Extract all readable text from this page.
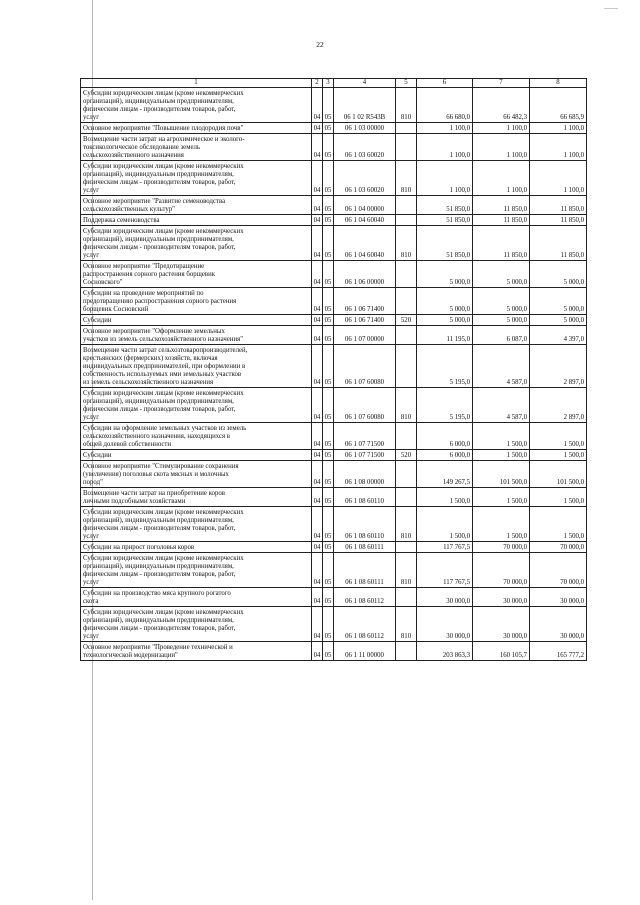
22
1	2	3	4	5	6	7	8
Субсидии юридическим лицам (кроме некоммерческих
организаций), индивидуальным предпринимателям,
физическим лицам - производителям товаров, работ,
услуг	04	05	06 1 02 R543B	810	66 680,0	66 482,3	66 685,9
Основное мероприятие "Повышение плодородия почв"	04	05	06 1 03 00000		1 100,0	1 100,0	1 100,0
Возмещение части затрат на агрохимическое и эколого-
токсикологическое обследование земель
сельскохозяйственного назначения	04	05	06 1 03 60020		1 100,0	1 100,0	1 100,0
Субсидии юридическим лицам (кроме некоммерческих
организаций), индивидуальным предпринимателям,
физическим лицам - производителям товаров, работ,
услуг	04	05	06 1 03 60020	810	1 100,0	1 100,0	1 100,0
Основное мероприятие "Развитие семеноводства
сельскохозяйственных культур"	04	05	06 1 04 00000		51 850,0	11 850,0	11 850,0
Поддержка семеноводства	04	05	06 1 04 60040		51 850,0	11 850,0	11 850,0
Субсидии юридическим лицам (кроме некоммерческих
организаций), индивидуальным предпринимателям,
физическим лицам - производителям товаров, работ,
услуг	04	05	06 1 04 60040	810	51 850,0	11 850,0	11 850,0
Основное мероприятие "Предотвращение
распространения сорного растения борщевик
Сосновского"	04	05	06 1 06 00000		5 000,0	5 000,0	5 000,0
Субсидии на проведение мероприятий по
предотвращению распространения сорного растения
борщевик Сосновский	04	05	06 1 06 71400		5 000,0	5 000,0	5 000,0
Субсидии	04	05	06 1 06 71400	520	5 000,0	5 000,0	5 000,0
Основное мероприятие "Оформление земельных
участков из земель сельскохозяйственного назначения"	04	05	06 1 07 00000		11 195,0	6 087,0	4 397,0
Возмещение части затрат сельхозтоваропроизводителей,
крестьянских (фермерских) хозяйств, включая
индивидуальных предпринимателей, при оформлении в
собственность используемых ими земельных участков
из земель сельскохозяйственного назначения	04	05	06 1 07 60080		5 195,0	4 587,0	2 897,0
Субсидии юридическим лицам (кроме некоммерческих
организаций), индивидуальным предпринимателям,
физическим лицам - производителям товаров, работ,
услуг	04	05	06 1 07 60080	810	5 195,0	4 587,0	2 897,0
Субсидии на оформление земельных участков из земель
сельскохозяйственного назначения, находящихся в
общей долевой собственности	04	05	06 1 07 71500		6 000,0	1 500,0	1 500,0
Субсидии	04	05	06 1 07 71500	520	6 000,0	1 500,0	1 500,0
Основное мероприятие "Стимулирование сохранения
(увеличения) поголовья скота мясных и молочных
пород"	04	05	06 1 08 00000		149 267,5	101 500,0	101 500,0
Возмещение части затрат на приобретение коров
личными подсобными хозяйствами	04	05	06 1 08 60110		1 500,0	1 500,0	1 500,0
Субсидии юридическим лицам (кроме некоммерческих
организаций), индивидуальным предпринимателям,
физическим лицам - производителям товаров, работ,
услуг	04	05	06 1 08 60110	810	1 500,0	1 500,0	1 500,0
Субсидии на прирост поголовья коров	04	05	06 1 08 60111		117 767,5	70 000,0	70 000,0
Субсидии юридическим лицам (кроме некоммерческих
организаций), индивидуальным предпринимателям,
физическим лицам - производителям товаров, работ,
услуг	04	05	06 1 08 60111	810	117 767,5	70 000,0	70 000,0
Субсидии на производство мяса крупного рогатого
скота	04	05	06 1 08 60112		30 000,0	30 000,0	30 000,0
Субсидии юридическим лицам (кроме некоммерческих
организаций), индивидуальным предпринимателям,
физическим лицам - производителям товаров, работ,
услуг	04	05	06 1 08 60112	810	30 000,0	30 000,0	30 000,0
Основное мероприятие "Проведение технической и
технологической модернизации"	04	05	06 1 11 00000		203 863,3	160 105,7	165 777,2
